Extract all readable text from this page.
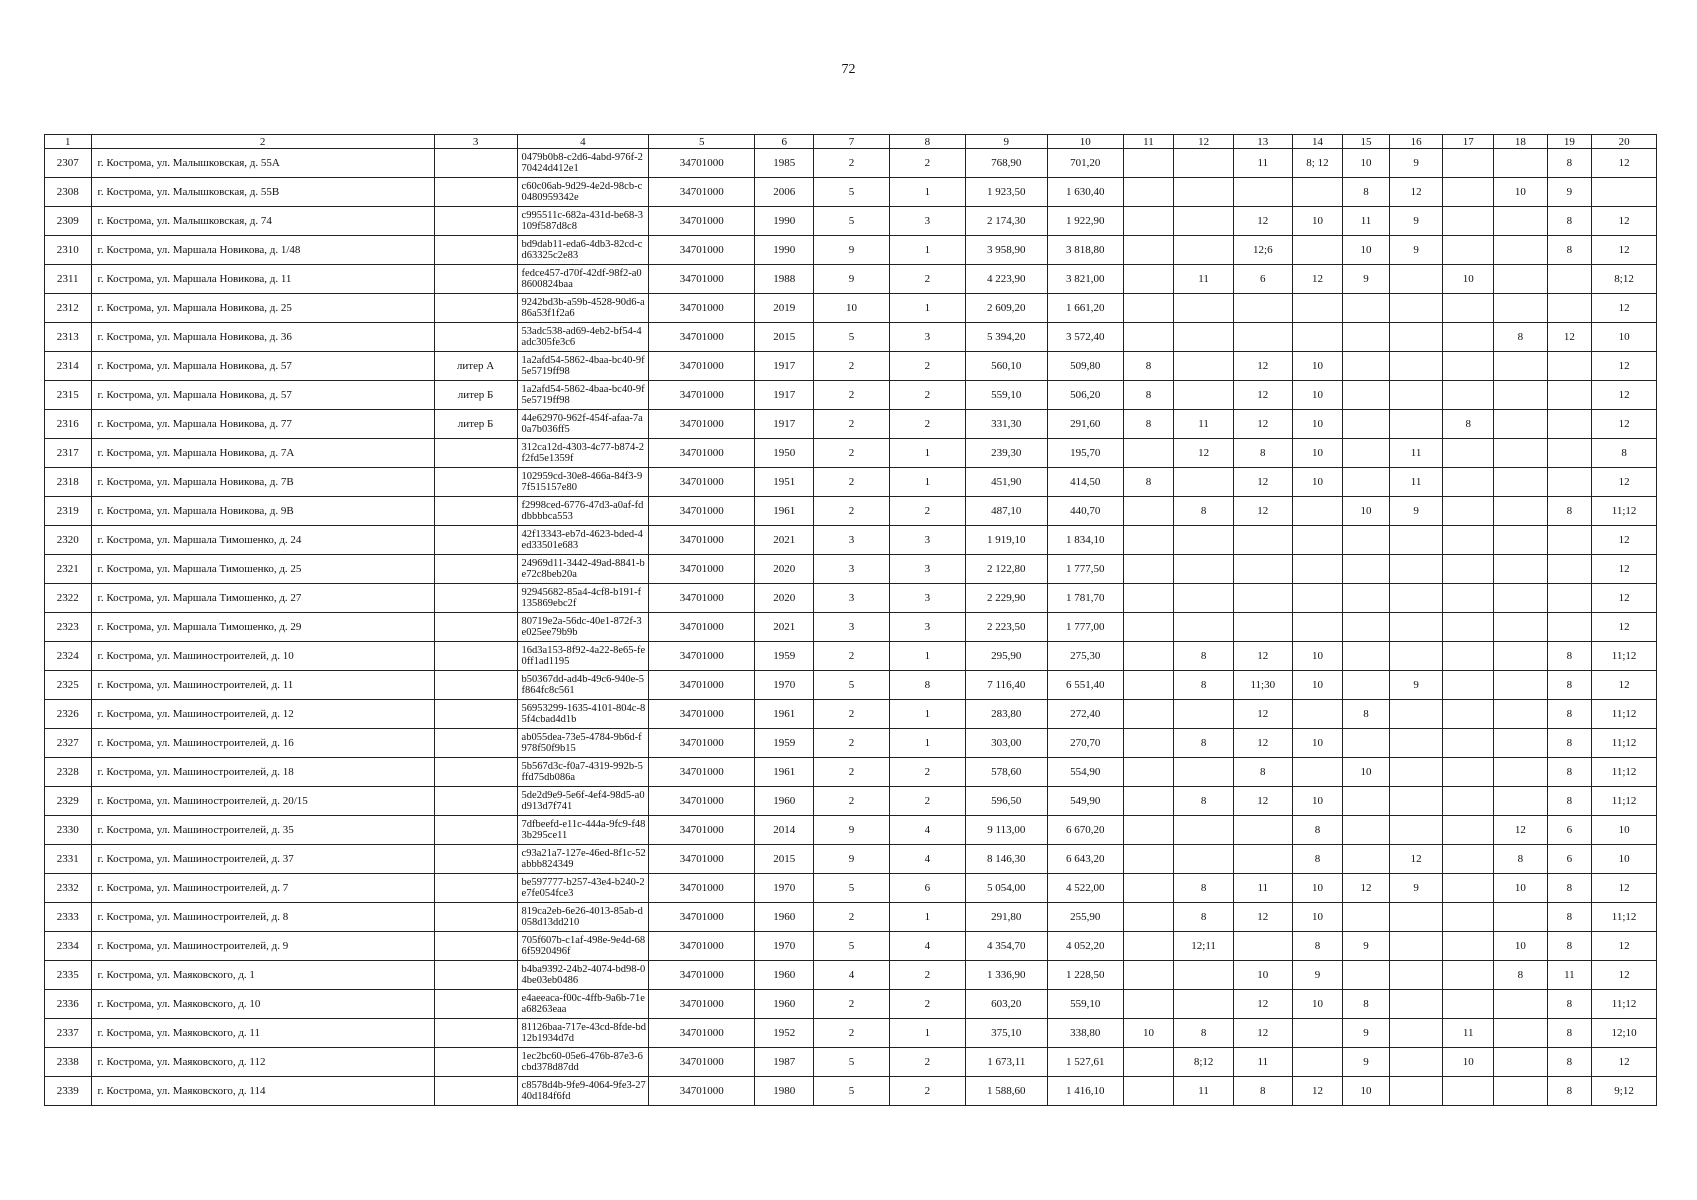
72
1	2	3	4	5	6	7	8	9	10	11	12	13	14	15	16	17	18	19	20
2307	г. Кострома, ул. Малышковская, д. 55А		0479b0b8-c2d6-4abd-976f-270424d412e1	34701000	1985	2	2	768,90	701,20			11	8; 12	10	9			8	12
2308	г. Кострома, ул. Малышковская, д. 55В		c60c06ab-9d29-4e2d-98cb-c0480959342e	34701000	2006	5	1	1 923,50	1 630,40					8	12		10	9	
2309	г. Кострома, ул. Малышковская, д. 74		c995511c-682a-431d-be68-3109f587d8c8	34701000	1990	5	3	2 174,30	1 922,90			12	10	11	9			8	12
2310	г. Кострома, ул. Маршала Новикова, д. 1/48		bd9dab11-eda6-4db3-82cd-cd63325c2e83	34701000	1990	9	1	3 958,90	3 818,80			12;6		10	9			8	12
2311	г. Кострома, ул. Маршала Новикова, д. 11		fedce457-d70f-42df-98f2-a08600824baa	34701000	1988	9	2	4 223,90	3 821,00		11	6	12	9		10			8;12
2312	г. Кострома, ул. Маршала Новикова, д. 25		9242bd3b-a59b-4528-90d6-a86a53f1f2a6	34701000	2019	10	1	2 609,20	1 661,20										12
2313	г. Кострома, ул. Маршала Новикова, д. 36		53adc538-ad69-4eb2-bf54-4adc305fe3c6	34701000	2015	5	3	5 394,20	3 572,40								8	12	10
2314	г. Кострома, ул. Маршала Новикова, д. 57	литер А	1a2afd54-5862-4baa-bc40-9f5e5719ff98	34701000	1917	2	2	560,10	509,80	8		12	10						12
2315	г. Кострома, ул. Маршала Новикова, д. 57	литер Б	1a2afd54-5862-4baa-bc40-9f5e5719ff98	34701000	1917	2	2	559,10	506,20	8		12	10						12
2316	г. Кострома, ул. Маршала Новикова, д. 77	литер Б	44e62970-962f-454f-afaa-7a0a7b036ff5	34701000	1917	2	2	331,30	291,60	8	11	12	10			8			12
2317	г. Кострома, ул. Маршала Новикова, д. 7А		312ca12d-4303-4c77-b874-2f2fd5e1359f	34701000	1950	2	1	239,30	195,70		12	8	10		11				8
2318	г. Кострома, ул. Маршала Новикова, д. 7В		102959cd-30e8-466a-84f3-97f515157e80	34701000	1951	2	1	451,90	414,50	8		12	10		11				12
2319	г. Кострома, ул. Маршала Новикова, д. 9В		f2998ced-6776-47d3-a0af-fddbbbbca553	34701000	1961	2	2	487,10	440,70		8	12		10	9			8	11;12
2320	г. Кострома, ул. Маршала Тимошенко, д. 24		42f13343-eb7d-4623-bded-4ed33501e683	34701000	2021	3	3	1 919,10	1 834,10										12
2321	г. Кострома, ул. Маршала Тимошенко, д. 25		24969d11-3442-49ad-8841-be72c8beb20a	34701000	2020	3	3	2 122,80	1 777,50										12
2322	г. Кострома, ул. Маршала Тимошенко, д. 27		92945682-85a4-4cf8-b191-f135869ebc2f	34701000	2020	3	3	2 229,90	1 781,70										12
2323	г. Кострома, ул. Маршала Тимошенко, д. 29		80719e2a-56dc-40e1-872f-3e025ee79b9b	34701000	2021	3	3	2 223,50	1 777,00										12
2324	г. Кострома, ул. Машиностроителей, д. 10		16d3a153-8f92-4a22-8e65-fe0ff1ad1195	34701000	1959	2	1	295,90	275,30		8	12	10					8	11;12
2325	г. Кострома, ул. Машиностроителей, д. 11		b50367dd-ad4b-49c6-940e-5f864fc8c561	34701000	1970	5	8	7 116,40	6 551,40		8	11;30	10		9			8	12
2326	г. Кострома, ул. Машиностроителей, д. 12		56953299-1635-4101-804c-85f4cbad4d1b	34701000	1961	2	1	283,80	272,40			12		8				8	11;12
2327	г. Кострома, ул. Машиностроителей, д. 16		ab055dea-73e5-4784-9b6d-f978f50f9b15	34701000	1959	2	1	303,00	270,70		8	12	10					8	11;12
2328	г. Кострома, ул. Машиностроителей, д. 18		5b567d3c-f0a7-4319-992b-5ffd75db086a	34701000	1961	2	2	578,60	554,90			8		10				8	11;12
2329	г. Кострома, ул. Машиностроителей, д. 20/15		5de2d9e9-5e6f-4ef4-98d5-a0d913d7f741	34701000	1960	2	2	596,50	549,90		8	12	10					8	11;12
2330	г. Кострома, ул. Машиностроителей, д. 35		7dfbeefd-e11c-444a-9fc9-f483b295ce11	34701000	2014	9	4	9 113,00	6 670,20				8				12	6	10
2331	г. Кострома, ул. Машиностроителей, д. 37		c93a21a7-127e-46ed-8f1c-52abbb824349	34701000	2015	9	4	8 146,30	6 643,20				8		12		8	6	10
2332	г. Кострома, ул. Машиностроителей, д. 7		be597777-b257-43e4-b240-2e7fe054fce3	34701000	1970	5	6	5 054,00	4 522,00		8	11	10	12	9		10	8	12
2333	г. Кострома, ул. Машиностроителей, д. 8		819ca2eb-6e26-4013-85ab-d058d13dd210	34701000	1960	2	1	291,80	255,90		8	12	10					8	11;12
2334	г. Кострома, ул. Машиностроителей, д. 9		705f607b-c1af-498e-9e4d-686f5920496f	34701000	1970	5	4	4 354,70	4 052,20		12;11		8	9			10	8	12
2335	г. Кострома, ул. Маяковского, д. 1		b4ba9392-24b2-4074-bd98-04be03eb0486	34701000	1960	4	2	1 336,90	1 228,50			10	9				8	11	12
2336	г. Кострома, ул. Маяковского, д. 10		e4aeeaca-f00c-4ffb-9a6b-71ea68263eaa	34701000	1960	2	2	603,20	559,10			12	10	8				8	11;12
2337	г. Кострома, ул. Маяковского, д. 11		81126baa-717e-43cd-8fde-bd12b1934d7d	34701000	1952	2	1	375,10	338,80	10	8	12		9		11		8	12;10
2338	г. Кострома, ул. Маяковского, д. 112		1ec2bc60-05e6-476b-87e3-6cbd378d87dd	34701000	1987	5	2	1 673,11	1 527,61		8;12	11		9		10		8	12
2339	г. Кострома, ул. Маяковского, д. 114		c8578d4b-9fe9-4064-9fe3-2740d184f6fd	34701000	1980	5	2	1 588,60	1 416,10		11	8	12	10				8	9;12
